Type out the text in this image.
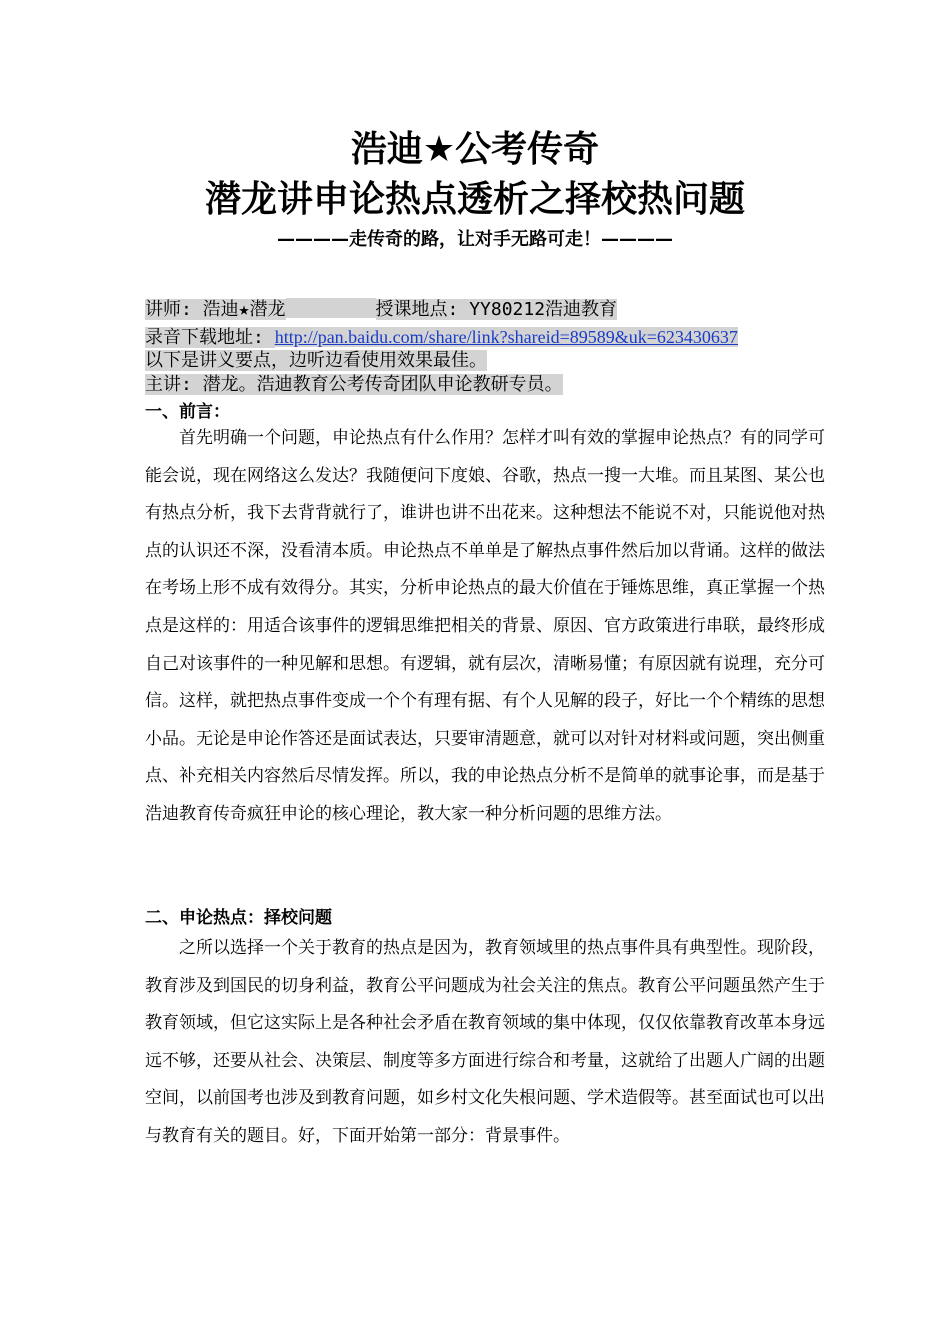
浩迪★公考传奇
潜龙讲申论热点透析之择校热问题
————走传奇的路，让对手无路可走！————
讲师: 浩迪★潜龙	授课地点: YY80212浩迪教育
录音下载地址: http://pan.baidu.com/share/link?shareid=89589&uk=623430637
以下是讲义要点，边听边看使用效果最佳。
主讲: 潜龙。浩迪教育公考传奇团队申论教研专员。
一、前言：

首先明确一个问题，申论热点有什么作用？怎样才叫有效的掌握申论热点？有的同学可能会说，现在网络这么发达？我随便问下度娘、谷歌，热点一搜一大堆。而且某图、某公也有热点分析，我下去背背就行了，谁讲也讲不出花来。这种想法不能说不对，只能说他对热点的认识还不深，没看清本质。申论热点不单单是了解热点事件然后加以背诵。这样的做法在考场上形不成有效得分。其实，分析申论热点的最大价值在于锤炼思维，真正掌握一个热点是这样的：用适合该事件的逻辑思维把相关的背景、原因、官方政策进行串联，最终形成自己对该事件的一种见解和思想。有逻辑，就有层次，清晰易懂；有原因就有说理，充分可信。这样，就把热点事件变成一个个有理有据、有个人见解的段子，好比一个个精练的思想小品。无论是申论作答还是面试表达，只要审清题意，就可以对针对材料或问题，突出侧重点、补充相关内容然后尽情发挥。所以，我的申论热点分析不是简单的就事论事，而是基于浩迪教育传奇疯狂申论的核心理论，教大家一种分析问题的思维方法。

二、申论热点：择校问题

之所以选择一个关于教育的热点是因为，教育领域里的热点事件具有典型性。现阶段，教育涉及到国民的切身利益，教育公平问题成为社会关注的焦点。教育公平问题虽然产生于教育领域，但它这实际上是各种社会矛盾在教育领域的集中体现，仅仅依靠教育改革本身远远不够，还要从社会、决策层、制度等多方面进行综合和考量，这就给了出题人广阔的出题空间，以前国考也涉及到教育问题，如乡村文化失根问题、学术造假等。甚至面试也可以出与教育有关的题目。好，下面开始第一部分：背景事件。
